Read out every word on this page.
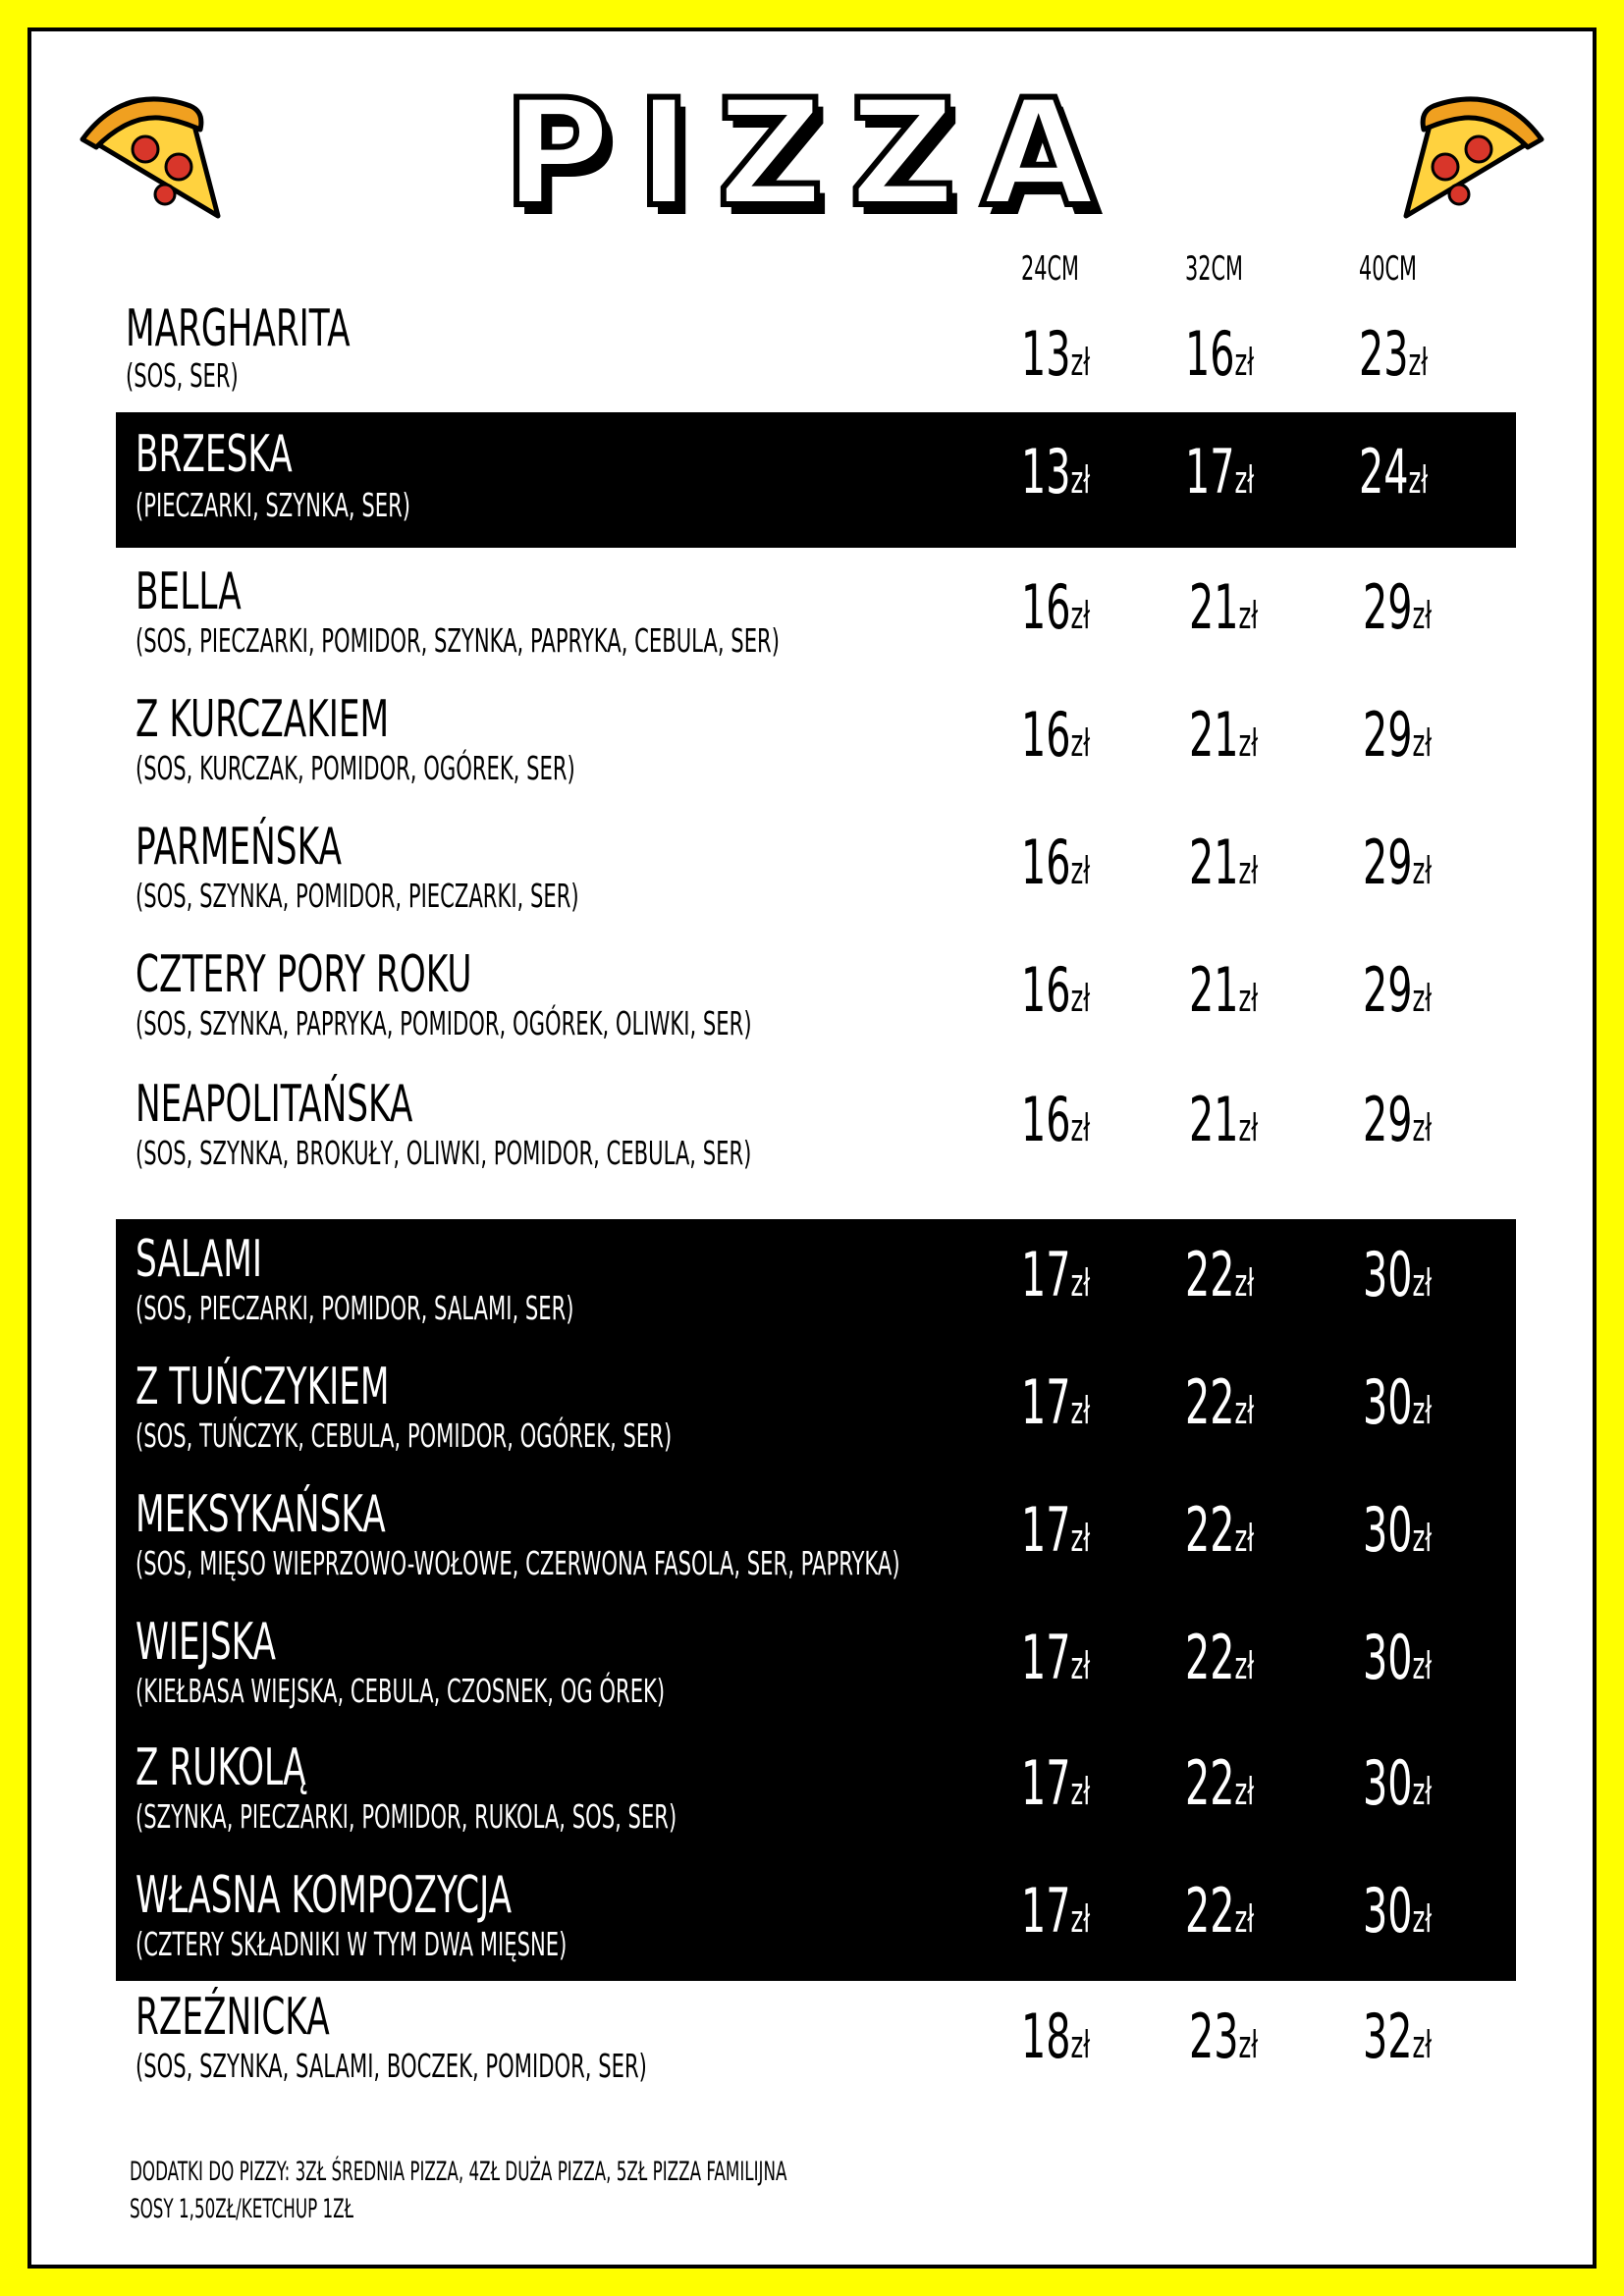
PIZZA
24CM	32CM	40CM
MARGHARITA
(SOS, SER)	13zł 16zł 23zł
BRZESKA
(PIECZARKI, SZYNKA, SER)	13zł 17zł 24zł
BELLA
(SOS, PIECZARKI, POMIDOR, SZYNKA, PAPRYKA, CEBULA, SER)	16zł 21zł 29zł
Z KURCZAKIEM
(SOS, KURCZAK, POMIDOR, OGÓREK, SER)	16zł 21zł 29zł
PARMEŃSKA
(SOS, SZYNKA, POMIDOR, PIECZARKI, SER)	16zł 21zł 29zł
CZTERY PORY ROKU
(SOS, SZYNKA, PAPRYKA, POMIDOR, OGÓREK, OLIWKI, SER)	16zł 21zł 29zł
NEAPOLITAŃSKA
(SOS, SZYNKA, BROKUŁY, OLIWKI, POMIDOR, CEBULA, SER)	16zł 21zł 29zł
SALAMI
(SOS, PIECZARKI, POMIDOR, SALAMI, SER)	17zł 22zł 30zł
Z TUŃCZYKIEM
(SOS, TUŃCZYK, CEBULA, POMIDOR, OGÓREK, SER)	17zł 22zł 30zł
MEKSYKAŃSKA
(SOS, MIĘSO WIEPRZOWO-WOŁOWE, CZERWONA FASOLA, SER, PAPRYKA) 17zł 22zł 30zł
WIEJSKA
(KIEŁBASA WIEJSKA, CEBULA, CZOSNEK, OG ÓREK)	17zł 22zł 30zł
Z RUKOLĄ
(SZYNKA, PIECZARKI, POMIDOR, RUKOLA, SOS, SER)	17zł 22zł 30zł
WŁASNA KOMPOZYCJA
(CZTERY SKŁADNIKI W TYM DWA MIĘSNE)	17zł 22zł 30zł
RZEŹNICKA
(SOS, SZYNKA, SALAMI, BOCZEK, POMIDOR, SER)	18zł 23zł 32zł
DODATKI DO PIZZY: 3ZŁ ŚREDNIA PIZZA, 4ZŁ DUŻA PIZZA, 5ZŁ PIZZA FAMILIJNA
SOSY 1,50ZŁ/KETCHUP 1ZŁ
